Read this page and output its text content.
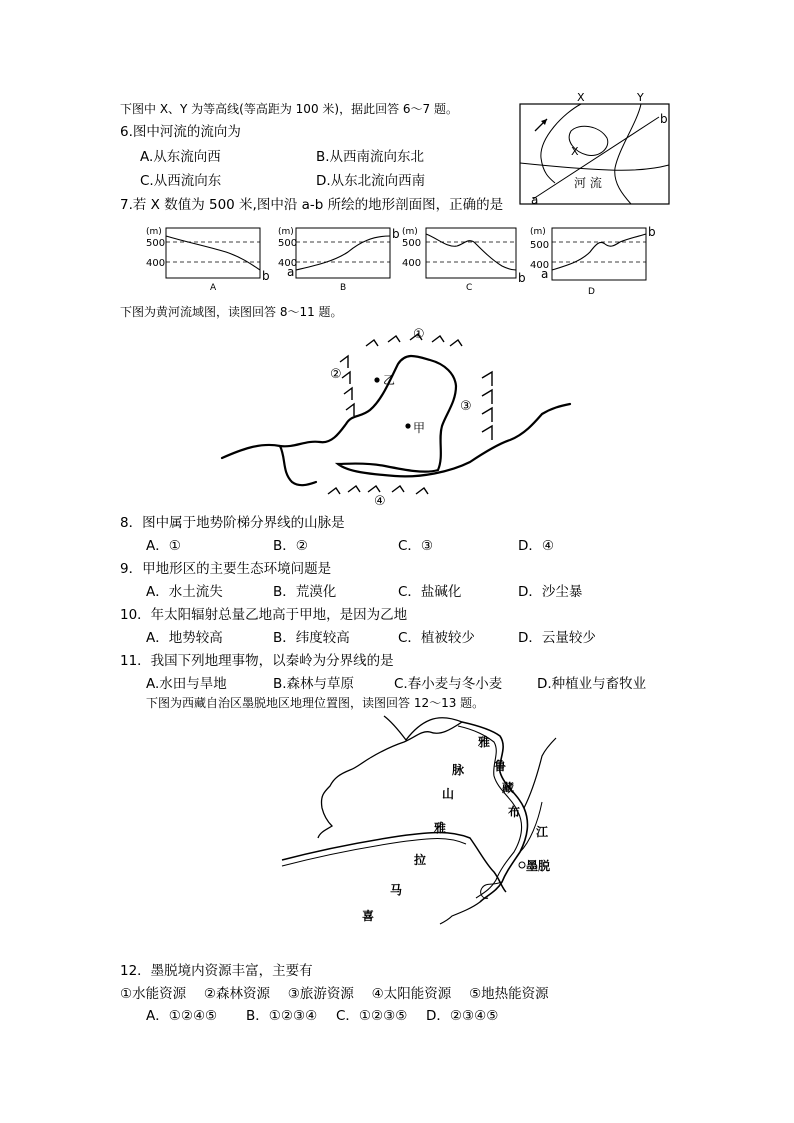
下图中 X、Y 为等高线(等高距为 100 米)，据此回答 6～7 题。
6.图中河流的流向为
A.从东流向西	B.从西南流向东北
C.从西流向东	D.从东北流向西南
7.若 X 数值为 500 米,图中沿 a-b 所绘的地形剖面图，正确的是
X	Y
b
a
X
河 流
(m)
500
400
b
A
(m)
500
400
a
b
B
(m)
500
400
b
C
(m)
500
400
a
b
D
下图为黄河流域图，读图回答 8～11 题。
①
②
③
④
乙
甲
8．图中属于地势阶梯分界线的山脉是
A．①	B．②	C．③	D．④
9．甲地形区的主要生态环境问题是
A．水土流失	B．荒漠化	C．盐碱化	D．沙尘暴
10．年太阳辐射总量乙地高于甲地，是因为乙地
A．地势较高	B．纬度较高	C．植被较少	D．云量较少
11．我国下列地理事物，以秦岭为分界线的是
A.水田与旱地	B.森林与草原	C.春小麦与冬小麦	D.种植业与畜牧业
下图为西藏自治区墨脱地区地理位置图，读图回答 12～13 题。
墨脱
雅
鲁
藏
布
江
喜
马
拉
雅
山
脉
12．墨脱境内资源丰富，主要有
①水能资源　 ②森林资源　 ③旅游资源　 ④太阳能资源　 ⑤地热能资源
A．①②④⑤ B．①②③④ C．①②③⑤ D．②③④⑤
